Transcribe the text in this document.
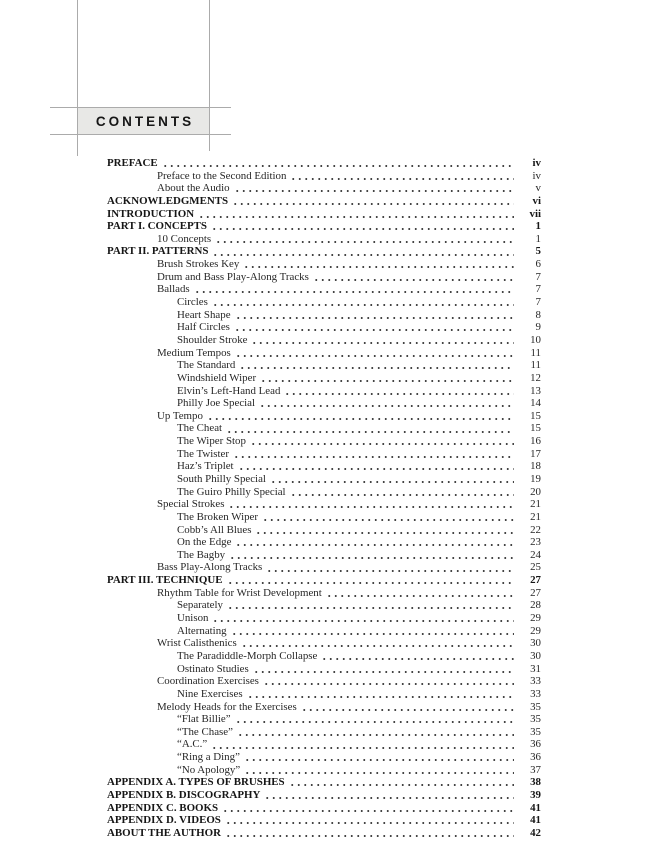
CONTENTS
PREFACE	iv
Preface to the Second Edition	iv
About the Audio	v
ACKNOWLEDGMENTS	vi
INTRODUCTION	vii
PART I. CONCEPTS	1
10 Concepts	1
PART II. PATTERNS	5
Brush Strokes Key	6
Drum and Bass Play-Along Tracks	7
Ballads	7
Circles	7
Heart Shape	8
Half Circles	9
Shoulder Stroke	10
Medium Tempos	11
The Standard	11
Windshield Wiper	12
Elvin’s Left-Hand Lead	13
Philly Joe Special	14
Up Tempo	15
The Cheat	15
The Wiper Stop	16
The Twister	17
Haz’s Triplet	18
South Philly Special	19
The Guiro Philly Special	20
Special Strokes	21
The Broken Wiper	21
Cobb’s All Blues	22
On the Edge	23
The Bagby	24
Bass Play-Along Tracks	25
PART III. TECHNIQUE	27
Rhythm Table for Wrist Development	27
Separately	28
Unison	29
Alternating	29
Wrist Calisthenics	30
The Paradiddle-Morph Collapse	30
Ostinato Studies	31
Coordination Exercises	33
Nine Exercises	33
Melody Heads for the Exercises	35
“Flat Billie”	35
“The Chase”	35
“A.C.”	36
“Ring a Ding”	36
“No Apology”	37
APPENDIX A. TYPES OF BRUSHES	38
APPENDIX B. DISCOGRAPHY	39
APPENDIX C. BOOKS	41
APPENDIX D. VIDEOS	41
ABOUT THE AUTHOR	42
